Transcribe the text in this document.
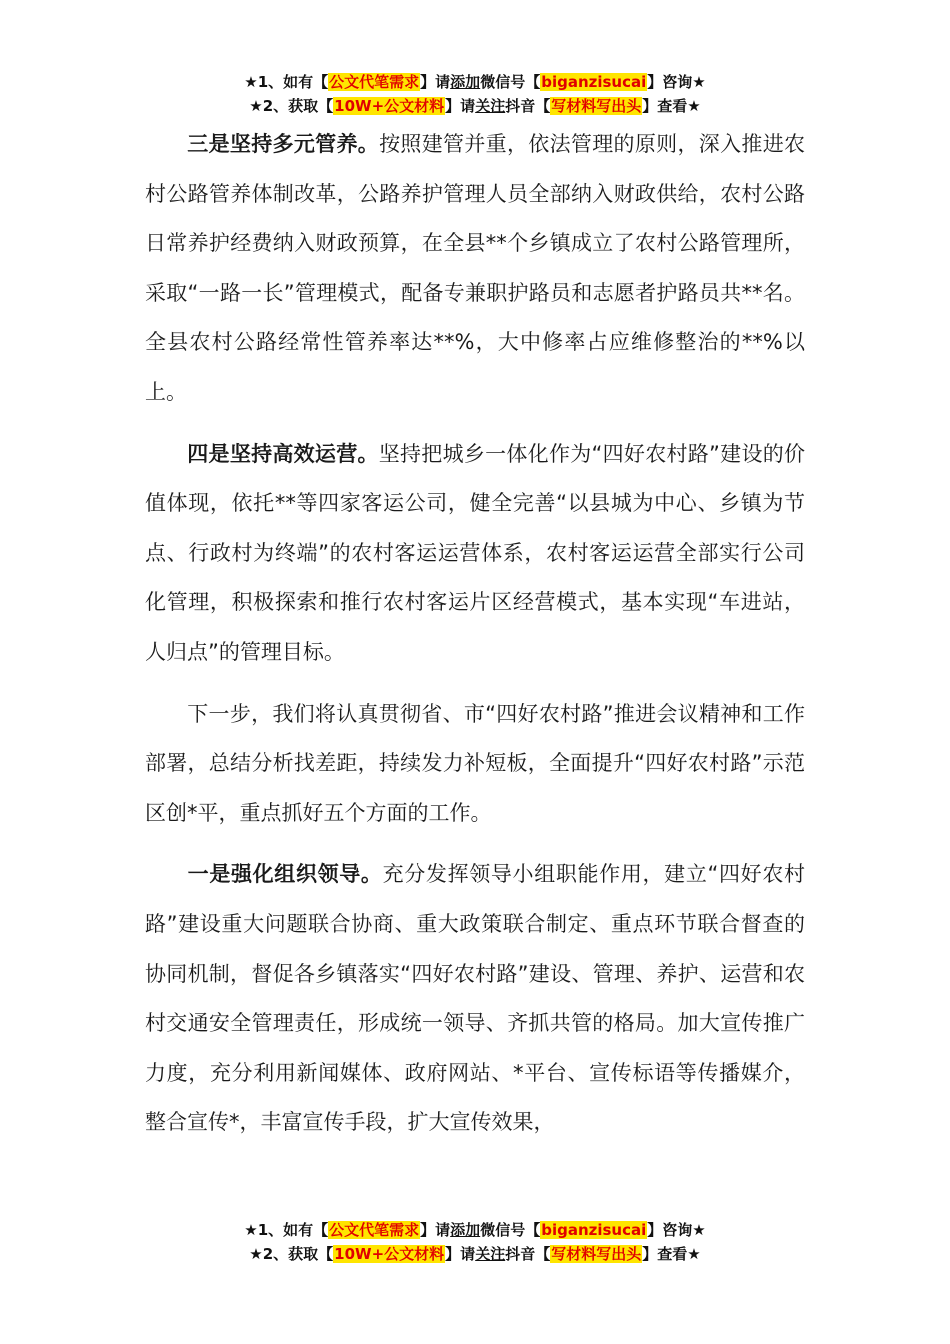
★1、如有【公文代笔需求】请添加微信号【biganzisucai】咨询★
★2、获取【10W+公文材料】请关注抖音【写材料写出头】查看★

三是坚持多元管养。按照建管并重，依法管理的原则，深入推进农村公路管养体制改革，公路养护管理人员全部纳入财政供给，农村公路日常养护经费纳入财政预算，在全县**个乡镇成立了农村公路管理所，采取“一路一长”管理模式，配备专兼职护路员和志愿者护路员共**名。全县农村公路经常性管养率达**%，大中修率占应维修整治的**%以上。

四是坚持高效运营。坚持把城乡一体化作为“四好农村路”建设的价值体现，依托**等四家客运公司，健全完善“以县城为中心、乡镇为节点、行政村为终端”的农村客运运营体系，农村客运运营全部实行公司化管理，积极探索和推行农村客运片区经营模式，基本实现“车进站，人归点”的管理目标。

下一步，我们将认真贯彻省、市“四好农村路”推进会议精神和工作部署，总结分析找差距，持续发力补短板，全面提升“四好农村路”示范区创*平，重点抓好五个方面的工作。

一是强化组织领导。充分发挥领导小组职能作用，建立“四好农村路”建设重大问题联合协商、重大政策联合制定、重点环节联合督查的协同机制，督促各乡镇落实“四好农村路”建设、管理、养护、运营和农村交通安全管理责任，形成统一领导、齐抓共管的格局。加大宣传推广力度，充分利用新闻媒体、政府网站、*平台、宣传标语等传播媒介，整合宣传*，丰富宣传手段，扩大宣传效果，

★1、如有【公文代笔需求】请添加微信号【biganzisucai】咨询★
★2、获取【10W+公文材料】请关注抖音【写材料写出头】查看★
